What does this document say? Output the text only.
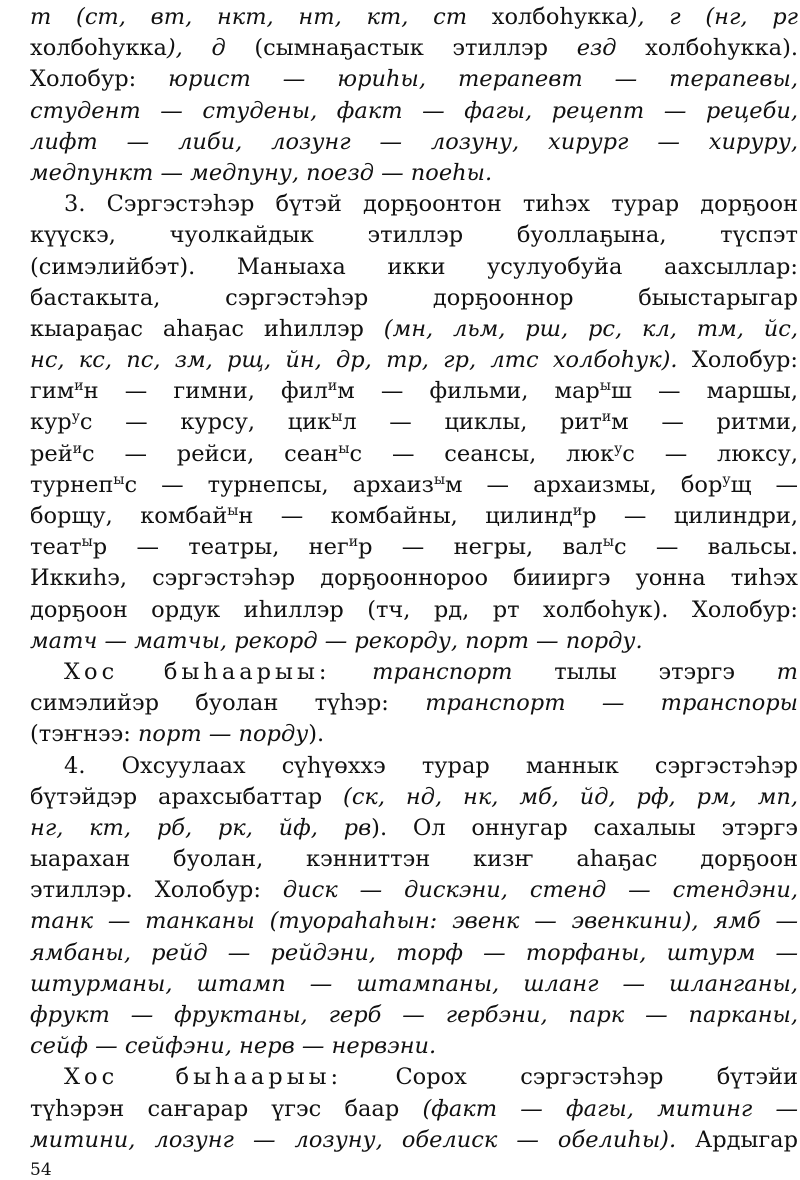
т (ст, вт, нкт, нт, кт, ст холбоһукка), г (нг, рг
холбоһукка), д (сымнаҕастык этиллэр езд холбоһукка).
Холобур: юрист — юриһы, терапевт — терапевы,
студент — студены, факт — фагы, рецепт — рецеби,
лифт — либи, лозунг — лозуну, хирург — хируру,
медпункт — медпуну, поезд — поеһы.
3. Сэргэстэһэр бүтэй дорҕоонтон тиһэх турар дорҕоон
күүскэ, чуолкайдык этиллэр буоллаҕына, түспэт
(симэлийбэт). Маныаха икки усулуобуйа аахсыллар:
бастакыта, сэргэстэһэр дорҕооннор быыстарыгар
кыараҕас аһаҕас иһиллэр (мн, льм, рш, рс, кл, тм, йс,
нс, кс, пс, зм, рщ, йн, др, тр, гр, лтс холбоһук). Холобур:
гим$^и$н — гимни, фил$^и$м — фильми, мар$^ы$ш — маршы,
кур$^у$с — курсу, цик$^ы$л — циклы, рит$^и$м — ритми,
рей$^и$с — рейси, сеан$^ы$с — сеансы, люк$^у$с — люксу,
турнеп$^ы$с — турнепсы, архаиз$^ы$м — архаизмы, бор$^у$щ —
борщу, комбай$^ы$н — комбайны, цилинд$^и$р — цилиндри,
теат$^ы$р — театры, нег$^и$р — негры, вал$^ы$с — вальсы.
Иккиһэ, сэргэстэһэр дорҕооннороо биииргэ уонна тиһэх
дорҕоон ордук иһиллэр (тч, рд, рт холбоһук). Холобур:
матч — матчы, рекорд — рекорду, порт — порду.
Хос быһаарыы: транспорт тылы этэргэ т
симэлийэр буолан түһэр: транспорт — транспоры
(тэҥнээ: порт — порду).
4. Охсуулаах сүһүөххэ турар маннык сэргэстэһэр
бүтэйдэр арахсыбаттар (ск, нд, нк, мб, йд, рф, рм, мп,
нг, кт, рб, рк, йф, рв). Ол оннугар сахалыы этэргэ
ыарахан буолан, кэнниттэн кизҥ аһаҕас дорҕоон
этиллэр. Холобур: диск — дискэни, стенд — стендэни,
танк — танканы (туораһаһын: эвенк — эвенкини), ямб —
ямбаны, рейд — рейдэни, торф — торфаны, штурм —
штурманы, штамп — штампаны, шланг — шланганы,
фрукт — фруктаны, герб — гербэни, парк — парканы,
сейф — сейфэни, нерв — нервэни.
Хос быһаарыы: Сорох сэргэстэһэр бүтэйи
түһэрэн саҥарар үгэс баар (факт — фагы, митинг —
митини, лозунг — лозуну, обелиск — обелиһы). Ардыгар
54
